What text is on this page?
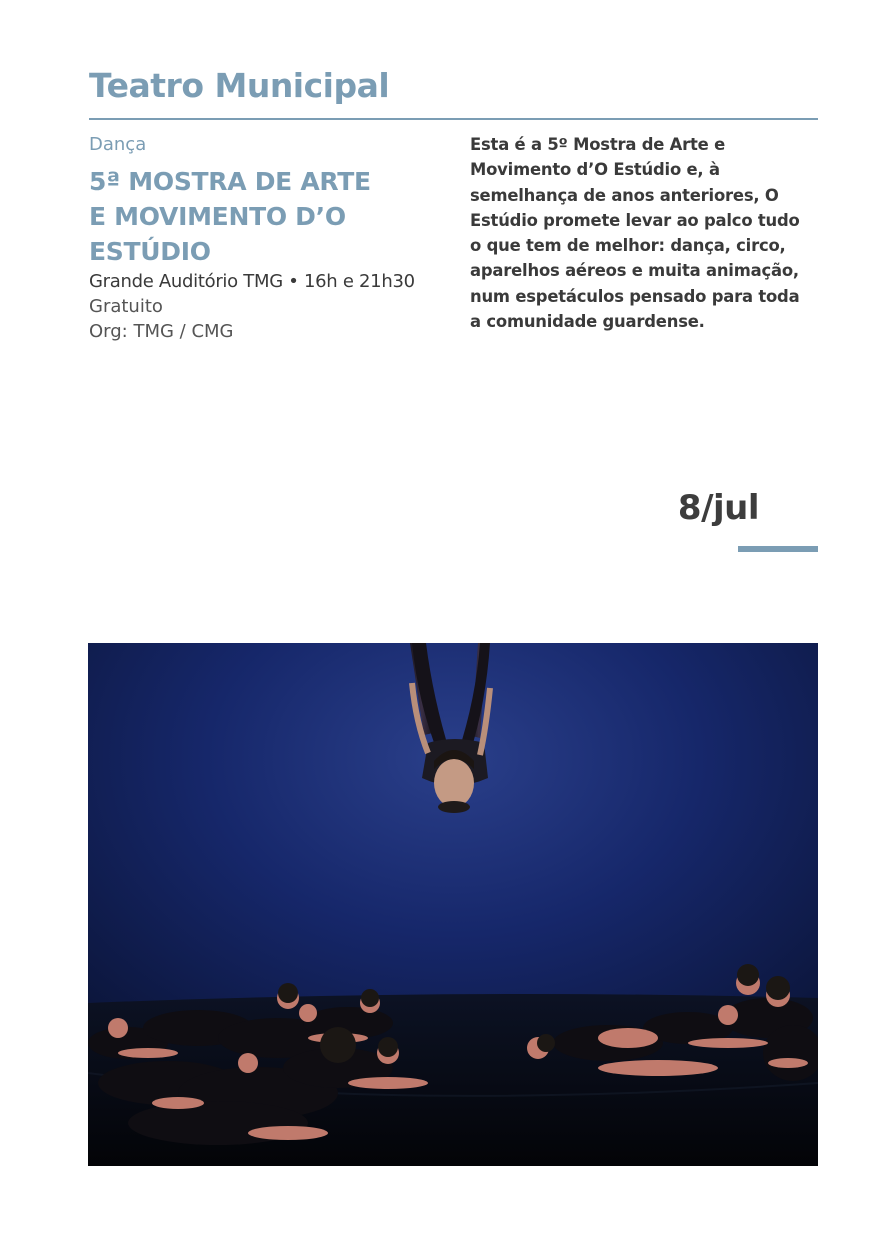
Teatro Municipal
Dança
5ª MOSTRA DE ARTE
E MOVIMENTO D’O
ESTÚDIO
Grande Auditório TMG • 16h e 21h30
Gratuito
Org: TMG / CMG
Esta é a 5º Mostra de Arte e
Movimento d’O Estúdio e, à
semelhança de anos anteriores, O
Estúdio promete levar ao palco tudo
o que tem de melhor: dança, circo,
aparelhos aéreos e muita animação,
num espetáculos pensado para toda
a comunidade guardense.
8/jul
